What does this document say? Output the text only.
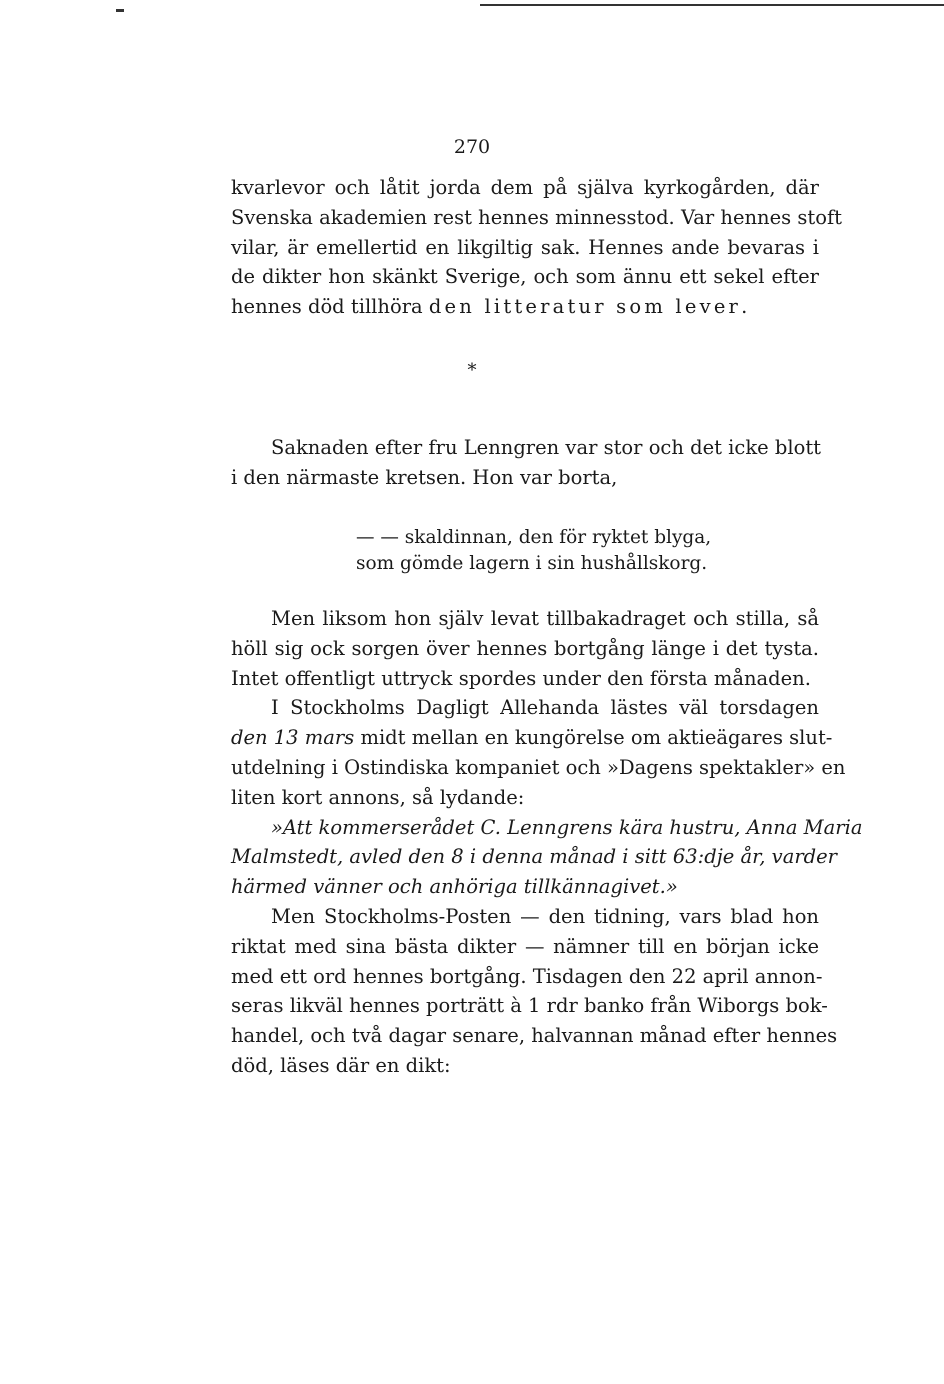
270
kvarlevor och låtit jorda dem på själva kyrkogården, där
Svenska akademien rest hennes minnesstod. Var hennes stoft
vilar, är emellertid en likgiltig sak. Hennes ande bevaras i
de dikter hon skänkt Sverige, och som ännu ett sekel efter
hennes död tillhöra den litteratur som lever.
*
Saknaden efter fru Lenngren var stor och det icke blott
i den närmaste kretsen. Hon var borta,
— — skaldinnan, den för ryktet blyga,
som gömde lagern i sin hushållskorg.
Men liksom hon själv levat tillbakadraget och stilla, så
höll sig ock sorgen över hennes bortgång länge i det tysta.
Intet offentligt uttryck spordes under den första månaden.
I Stockholms Dagligt Allehanda lästes väl torsdagen
den 13 mars midt mellan en kungörelse om aktieägares slut-
utdelning i Ostindiska kompaniet och »Dagens spektakler» en
liten kort annons, så lydande:
»Att kommerserådet C. Lenngrens kära hustru, Anna Maria
Malmstedt, avled den 8 i denna månad i sitt 63:dje år, varder
härmed vänner och anhöriga tillkännagivet.»
Men Stockholms-Posten — den tidning, vars blad hon
riktat med sina bästa dikter — nämner till en början icke
med ett ord hennes bortgång. Tisdagen den 22 april annon-
seras likväl hennes porträtt à 1 rdr banko från Wiborgs bok-
handel, och två dagar senare, halvannan månad efter hennes
död, läses där en dikt:
